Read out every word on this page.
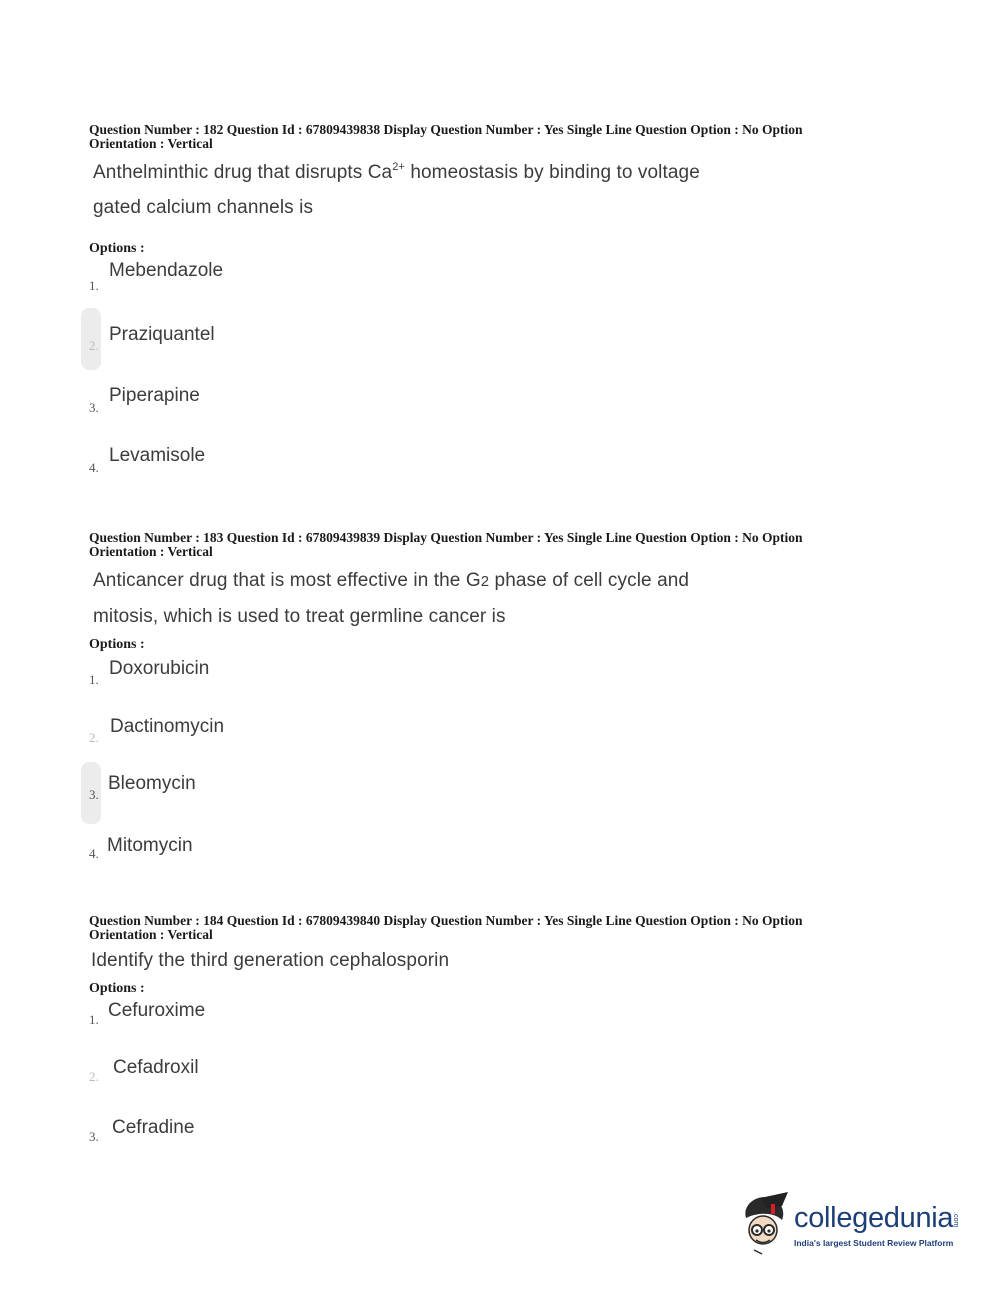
Question Number : 182 Question Id : 67809439838 Display Question Number : Yes Single Line Question Option : No Option
Orientation : Vertical
Anthelminthic drug that disrupts $Ca^{2+}$ homeostasis by binding to voltage
gated calcium channels is
Options :
1.
Mebendazole
2.
Praziquantel
3.
Piperapine
4.
Levamisole
Question Number : 183 Question Id : 67809439839 Display Question Number : Yes Single Line Question Option : No Option
Orientation : Vertical
Anticancer drug that is most effective in the G2 phase of cell cycle and
mitosis, which is used to treat germline cancer is
Options :
1.
Doxorubicin
2.
Dactinomycin
3.
Bleomycin
4. Mitomycin
Question Number : 184 Question Id : 67809439840 Display Question Number : Yes Single Line Question Option : No Option
Orientation : Vertical
Identify the third generation cephalosporin
Options :
1. Cefuroxime
2. Cefadroxil
3. Cefradine
collegedunia
.com
India's largest Student Review Platform
